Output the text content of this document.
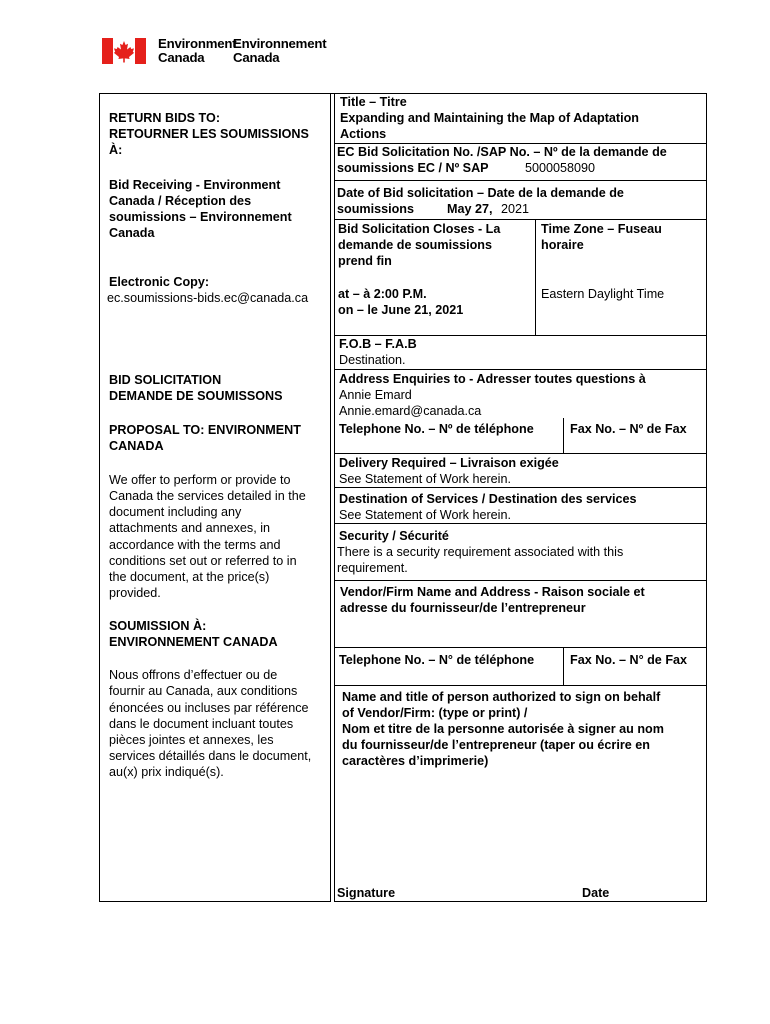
Environment
Canada
Environnement
Canada
RETURN BIDS TO:
RETOURNER LES SOUMISSIONS
À:
Bid Receiving - Environment
Canada / Réception des
soumissions – Environnement
Canada
Electronic Copy:
ec.soumissions-bids.ec@canada.ca
BID SOLICITATION
DEMANDE DE SOUMISSONS
PROPOSAL TO: ENVIRONMENT
CANADA
We offer to perform or provide to
Canada the services detailed in the
document including any
attachments and annexes, in
accordance with the terms and
conditions set out or referred to in
the document, at the price(s)
provided.
SOUMISSION À:
ENVIRONNEMENT CANADA
Nous offrons d’effectuer ou de
fournir au Canada, aux conditions
énoncées ou incluses par référence
dans le document incluant toutes
pièces jointes et annexes, les
services détaillés dans le document,
au(x) prix indiqué(s).
Title – Titre
Expanding and Maintaining the Map of Adaptation
Actions
EC Bid Solicitation No. /SAP No. – Nº de la demande de
soumissions EC / Nº SAP	5000058090
Date of Bid solicitation – Date de la demande de
soumissions	May 27, 2021
Bid Solicitation Closes - La
demande de soumissions
prend fin
at – à 2:00 P.M.
on – le June 21, 2021
Time Zone – Fuseau
horaire
Eastern Daylight Time
F.O.B – F.A.B
Destination.
Address Enquiries to - Adresser toutes questions à
Annie Emard
Annie.emard@canada.ca
Telephone No. – Nº de téléphone	Fax No. – Nº de Fax
Delivery Required – Livraison exigée
See Statement of Work herein.
Destination of Services / Destination des services
See Statement of Work herein.
Security / Sécurité
There is a security requirement associated with this
requirement.
Vendor/Firm Name and Address - Raison sociale et
adresse du fournisseur/de l’entrepreneur
Telephone No. – N° de téléphone	Fax No. – N° de Fax
Name and title of person authorized to sign on behalf
of Vendor/Firm: (type or print) /
Nom et titre de la personne autorisée à signer au nom
du fournisseur/de l’entrepreneur (taper ou écrire en
caractères d’imprimerie)
Signature	Date
